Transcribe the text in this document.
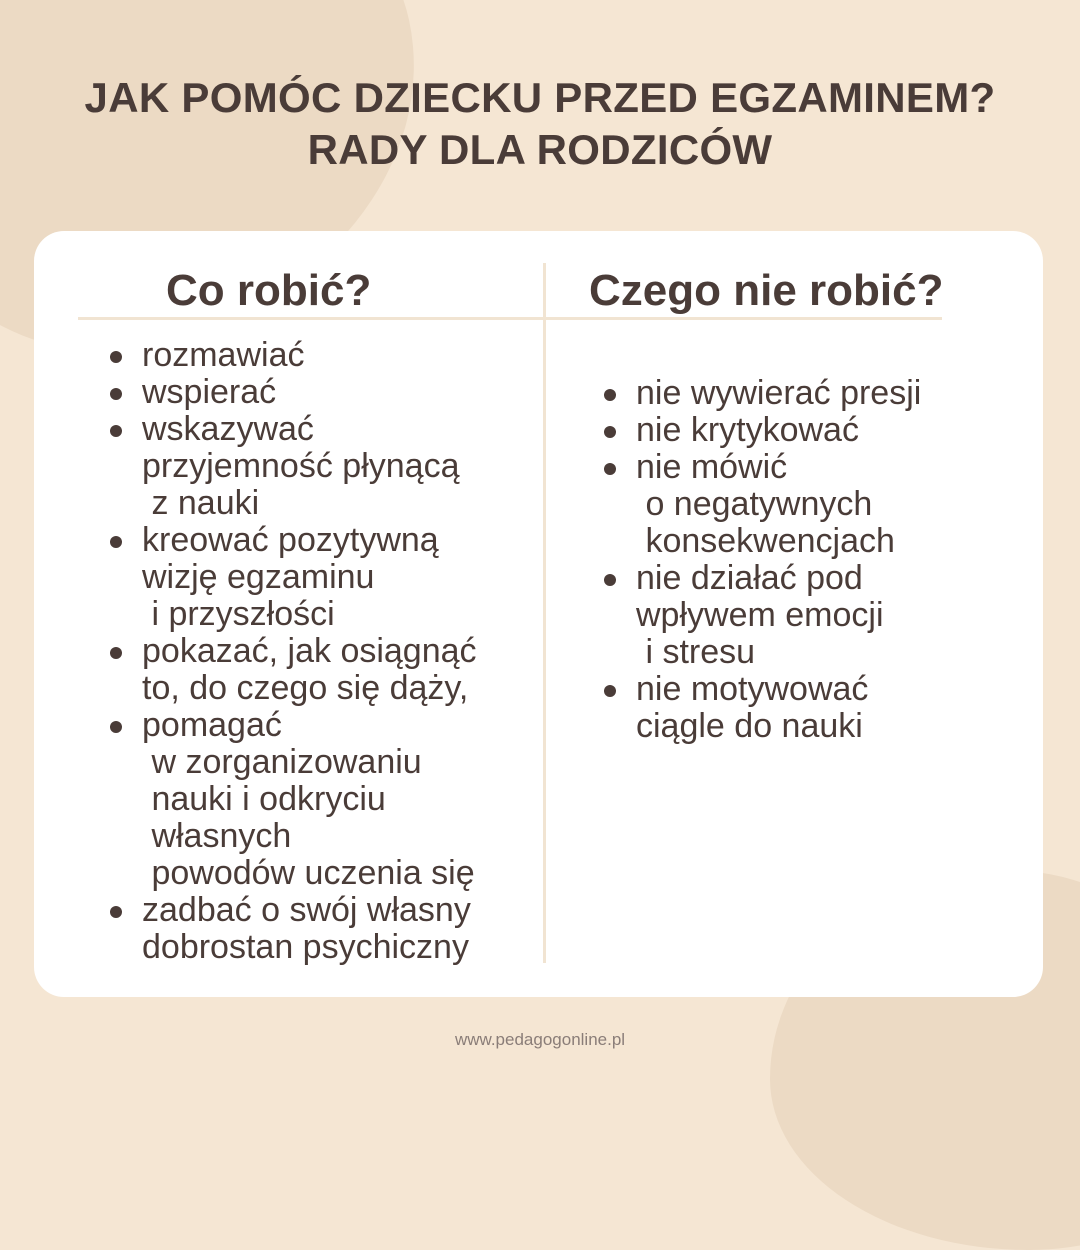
JAK POMÓC DZIECKU PRZED EGZAMINEM?
RADY DLA RODZICÓW
Co robić?	Czego nie robić?
rozmawiać
wspierać
wskazywać
przyjemność płynącą
z nauki
kreować pozytywną
wizję egzaminu
i przyszłości
pokazać, jak osiągnąć
to, do czego się dąży,
pomagać
w zorganizowaniu
nauki i odkryciu
własnych
powodów uczenia się
zadbać o swój własny
dobrostan psychiczny
nie wywierać presji
nie krytykować
nie mówić
o negatywnych
konsekwencjach
nie działać pod
wpływem emocji
i stresu
nie motywować
ciągle do nauki
www.pedagogonline.pl
